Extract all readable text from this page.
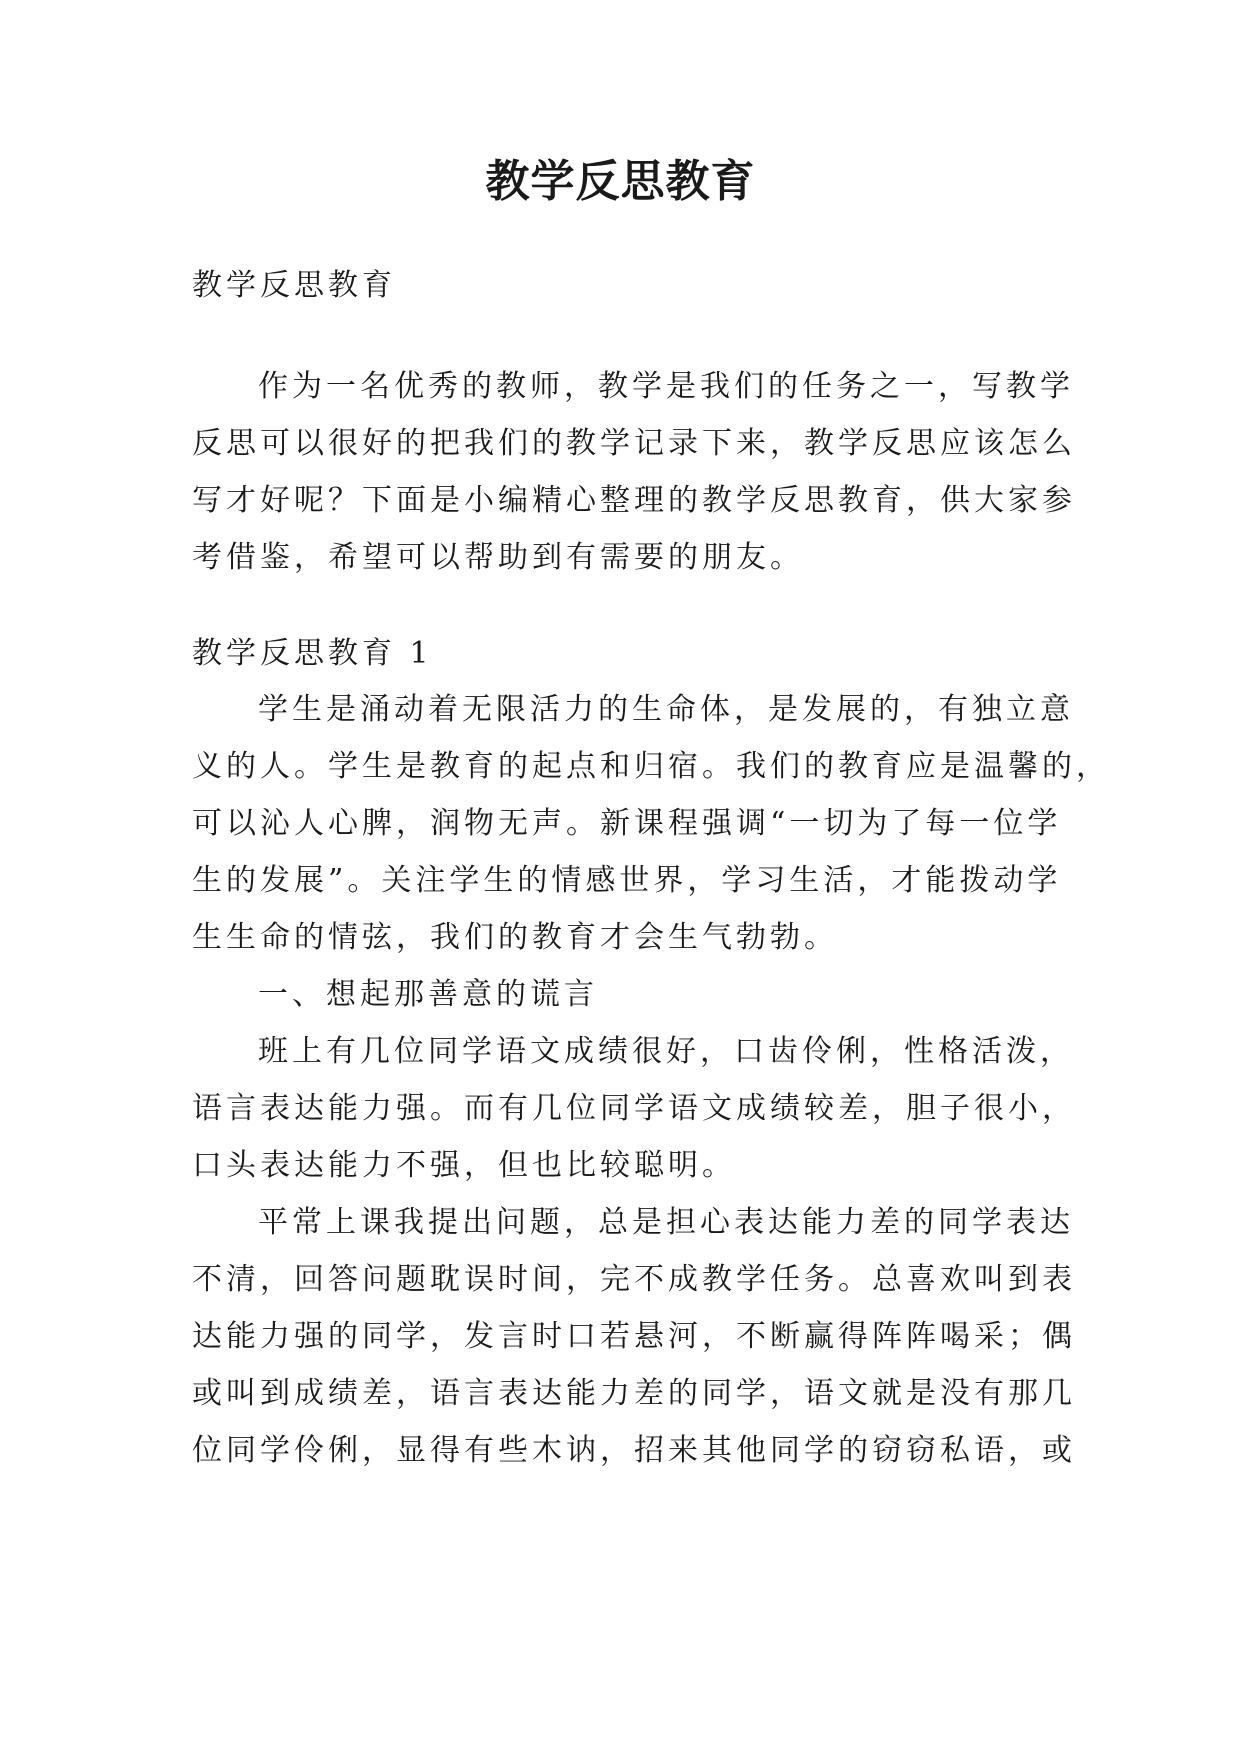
教学反思教育
教学反思教育
作为一名优秀的教师，教学是我们的任务之一，写教学
反思可以很好的把我们的教学记录下来，教学反思应该怎么
写才好呢？下面是小编精心整理的教学反思教育，供大家参
考借鉴，希望可以帮助到有需要的朋友。
教学反思教育 1
学生是涌动着无限活力的生命体，是发展的，有独立意
义的人。学生是教育的起点和归宿。我们的教育应是温馨的，
可以沁人心脾，润物无声。新课程强调“一切为了每一位学
生的发展”。关注学生的情感世界，学习生活，才能拨动学
生生命的情弦，我们的教育才会生气勃勃。
一、想起那善意的谎言
班上有几位同学语文成绩很好，口齿伶俐，性格活泼，
语言表达能力强。而有几位同学语文成绩较差，胆子很小，
口头表达能力不强，但也比较聪明。
平常上课我提出问题，总是担心表达能力差的同学表达
不清，回答问题耽误时间，完不成教学任务。总喜欢叫到表
达能力强的同学，发言时口若悬河，不断赢得阵阵喝采；偶
或叫到成绩差，语言表达能力差的同学，语文就是没有那几
位同学伶俐，显得有些木讷，招来其他同学的窃窃私语，或
